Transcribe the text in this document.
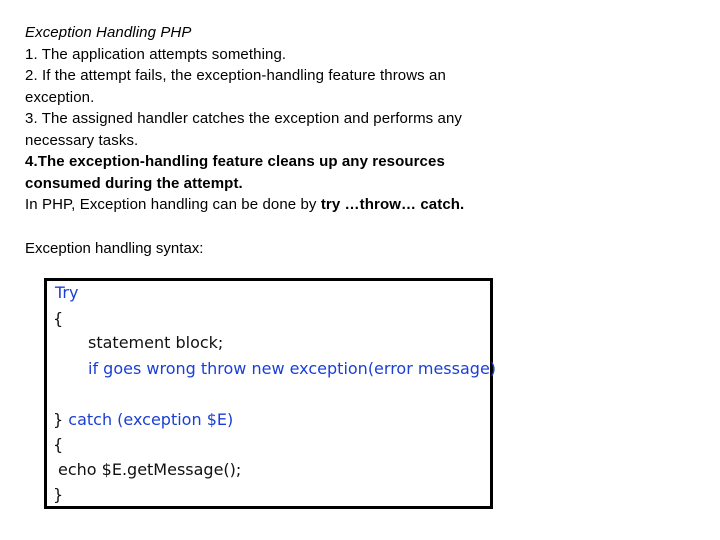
Exception Handling PHP

1. The application attempts something.

2. If the attempt fails, the exception-handling feature throws an exception.

3. The assigned handler catches the exception and performs any necessary tasks.

4.The exception-handling feature cleans up any resources consumed during the attempt.

In PHP, Exception handling can be done by try …throw… catch.

Exception handling syntax:

Try
{
statement block;
if goes wrong throw new exception(error message)
} catch (exception $E)
{
echo $E.getMessage();
}
